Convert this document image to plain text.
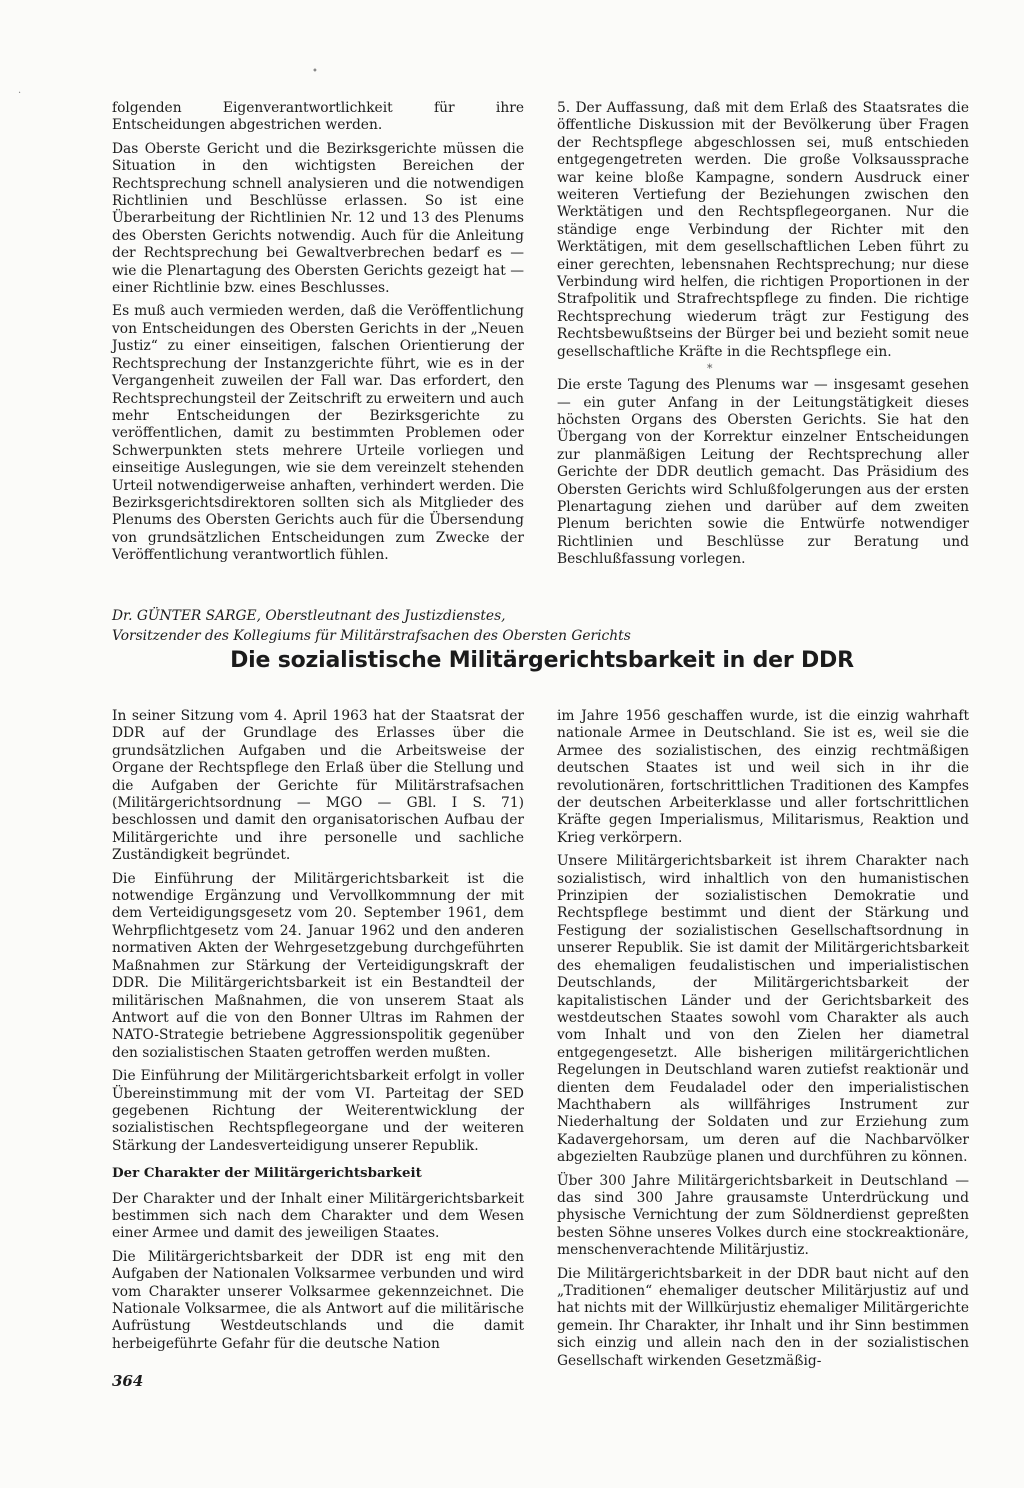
•
·

folgenden Eigenverantwortlichkeit für ihre Entscheidungen abgestrichen werden.

Das Oberste Gericht und die Bezirksgerichte müssen die Situation in den wichtigsten Bereichen der Rechtsprechung schnell analysieren und die notwendigen Richtlinien und Beschlüsse erlassen. So ist eine Überarbeitung der Richtlinien Nr. 12 und 13 des Plenums des Obersten Gerichts notwendig. Auch für die Anleitung der Rechtsprechung bei Gewaltverbrechen bedarf es — wie die Plenartagung des Obersten Gerichts gezeigt hat — einer Richtlinie bzw. eines Beschlusses.

Es muß auch vermieden werden, daß die Veröffentlichung von Entscheidungen des Obersten Gerichts in der „Neuen Justiz“ zu einer einseitigen, falschen Orientierung der Rechtsprechung der Instanzgerichte führt, wie es in der Vergangenheit zuweilen der Fall war. Das erfordert, den Rechtsprechungsteil der Zeitschrift zu erweitern und auch mehr Entscheidungen der Bezirksgerichte zu veröffentlichen, damit zu bestimmten Problemen oder Schwerpunkten stets mehrere Urteile vorliegen und einseitige Auslegungen, wie sie dem vereinzelt stehenden Urteil notwendigerweise anhaften, verhindert werden. Die Bezirksgerichtsdirektoren sollten sich als Mitglieder des Plenums des Obersten Gerichts auch für die Übersendung von grundsätzlichen Entscheidungen zum Zwecke der Veröffentlichung verantwortlich fühlen.

5. Der Auffassung, daß mit dem Erlaß des Staatsrates die öffentliche Diskussion mit der Bevölkerung über Fragen der Rechtspflege abgeschlossen sei, muß entschieden entgegengetreten werden. Die große Volksaussprache war keine bloße Kampagne, sondern Ausdruck einer weiteren Vertiefung der Beziehungen zwischen den Werktätigen und den Rechtspflegeorganen. Nur die ständige enge Verbindung der Richter mit den Werktätigen, mit dem gesellschaftlichen Leben führt zu einer gerechten, lebensnahen Rechtsprechung; nur diese Verbindung wird helfen, die richtigen Proportionen in der Strafpolitik und Strafrechtspflege zu finden. Die richtige Rechtsprechung wiederum trägt zur Festigung des Rechtsbewußtseins der Bürger bei und bezieht somit neue gesellschaftliche Kräfte in die Rechtspflege ein.

*

Die erste Tagung des Plenums war — insgesamt gesehen — ein guter Anfang in der Leitungstätigkeit dieses höchsten Organs des Obersten Gerichts. Sie hat den Übergang von der Korrektur einzelner Entscheidungen zur planmäßigen Leitung der Rechtsprechung aller Gerichte der DDR deutlich gemacht. Das Präsidium des Obersten Gerichts wird Schlußfolgerungen aus der ersten Plenartagung ziehen und darüber auf dem zweiten Plenum berichten sowie die Entwürfe notwendiger Richtlinien und Beschlüsse zur Beratung und Beschlußfassung vorlegen.

Dr. GÜNTER SARGE, Oberstleutnant des Justizdienstes,
Vorsitzender des Kollegiums für Militärstrafsachen des Obersten Gerichts
Die sozialistische Militärgerichtsbarkeit in der DDR

In seiner Sitzung vom 4. April 1963 hat der Staatsrat der DDR auf der Grundlage des Erlasses über die grundsätzlichen Aufgaben und die Arbeitsweise der Organe der Rechtspflege den Erlaß über die Stellung und die Aufgaben der Gerichte für Militärstrafsachen (Militärgerichtsordnung — MGO — GBl. I S. 71) beschlossen und damit den organisatorischen Aufbau der Militärgerichte und ihre personelle und sachliche Zuständigkeit begründet.

Die Einführung der Militärgerichtsbarkeit ist die notwendige Ergänzung und Vervollkommnung der mit dem Verteidigungsgesetz vom 20. September 1961, dem Wehrpflichtgesetz vom 24. Januar 1962 und den anderen normativen Akten der Wehrgesetzgebung durchgeführten Maßnahmen zur Stärkung der Verteidigungskraft der DDR. Die Militärgerichtsbarkeit ist ein Bestandteil der militärischen Maßnahmen, die von unserem Staat als Antwort auf die von den Bonner Ultras im Rahmen der NATO-Strategie betriebene Aggressionspolitik gegenüber den sozialistischen Staaten getroffen werden mußten.

Die Einführung der Militärgerichtsbarkeit erfolgt in voller Übereinstimmung mit der vom VI. Parteitag der SED gegebenen Richtung der Weiterentwicklung der sozialistischen Rechtspflegeorgane und der weiteren Stärkung der Landesverteidigung unserer Republik.

Der Charakter der Militärgerichtsbarkeit

Der Charakter und der Inhalt einer Militärgerichtsbarkeit bestimmen sich nach dem Charakter und dem Wesen einer Armee und damit des jeweiligen Staates.

Die Militärgerichtsbarkeit der DDR ist eng mit den Aufgaben der Nationalen Volksarmee verbunden und wird vom Charakter unserer Volksarmee gekennzeichnet. Die Nationale Volksarmee, die als Antwort auf die militärische Aufrüstung Westdeutschlands und die damit herbeigeführte Gefahr für die deutsche Nation

im Jahre 1956 geschaffen wurde, ist die einzig wahrhaft nationale Armee in Deutschland. Sie ist es, weil sie die Armee des sozialistischen, des einzig rechtmäßigen deutschen Staates ist und weil sich in ihr die revolutionären, fortschrittlichen Traditionen des Kampfes der deutschen Arbeiterklasse und aller fortschrittlichen Kräfte gegen Imperialismus, Militarismus, Reaktion und Krieg verkörpern.

Unsere Militärgerichtsbarkeit ist ihrem Charakter nach sozialistisch, wird inhaltlich von den humanistischen Prinzipien der sozialistischen Demokratie und Rechtspflege bestimmt und dient der Stärkung und Festigung der sozialistischen Gesellschaftsordnung in unserer Republik. Sie ist damit der Militärgerichtsbarkeit des ehemaligen feudalistischen und imperialistischen Deutschlands, der Militärgerichtsbarkeit der kapitalistischen Länder und der Gerichtsbarkeit des westdeutschen Staates sowohl vom Charakter als auch vom Inhalt und von den Zielen her diametral entgegengesetzt. Alle bisherigen militärgerichtlichen Regelungen in Deutschland waren zutiefst reaktionär und dienten dem Feudaladel oder den imperialistischen Machthabern als willfähriges Instrument zur Niederhaltung der Soldaten und zur Erziehung zum Kadavergehorsam, um deren auf die Nachbarvölker abgezielten Raubzüge planen und durchführen zu können.

Über 300 Jahre Militärgerichtsbarkeit in Deutschland — das sind 300 Jahre grausamste Unterdrückung und physische Vernichtung der zum Söldnerdienst gepreßten besten Söhne unseres Volkes durch eine stockreaktionäre, menschenverachtende Militärjustiz.

Die Militärgerichtsbarkeit in der DDR baut nicht auf den „Traditionen“ ehemaliger deutscher Militärjustiz auf und hat nichts mit der Willkürjustiz ehemaliger Militärgerichte gemein. Ihr Charakter, ihr Inhalt und ihr Sinn bestimmen sich einzig und allein nach den in der sozialistischen Gesellschaft wirkenden Gesetzmäßig-

364
